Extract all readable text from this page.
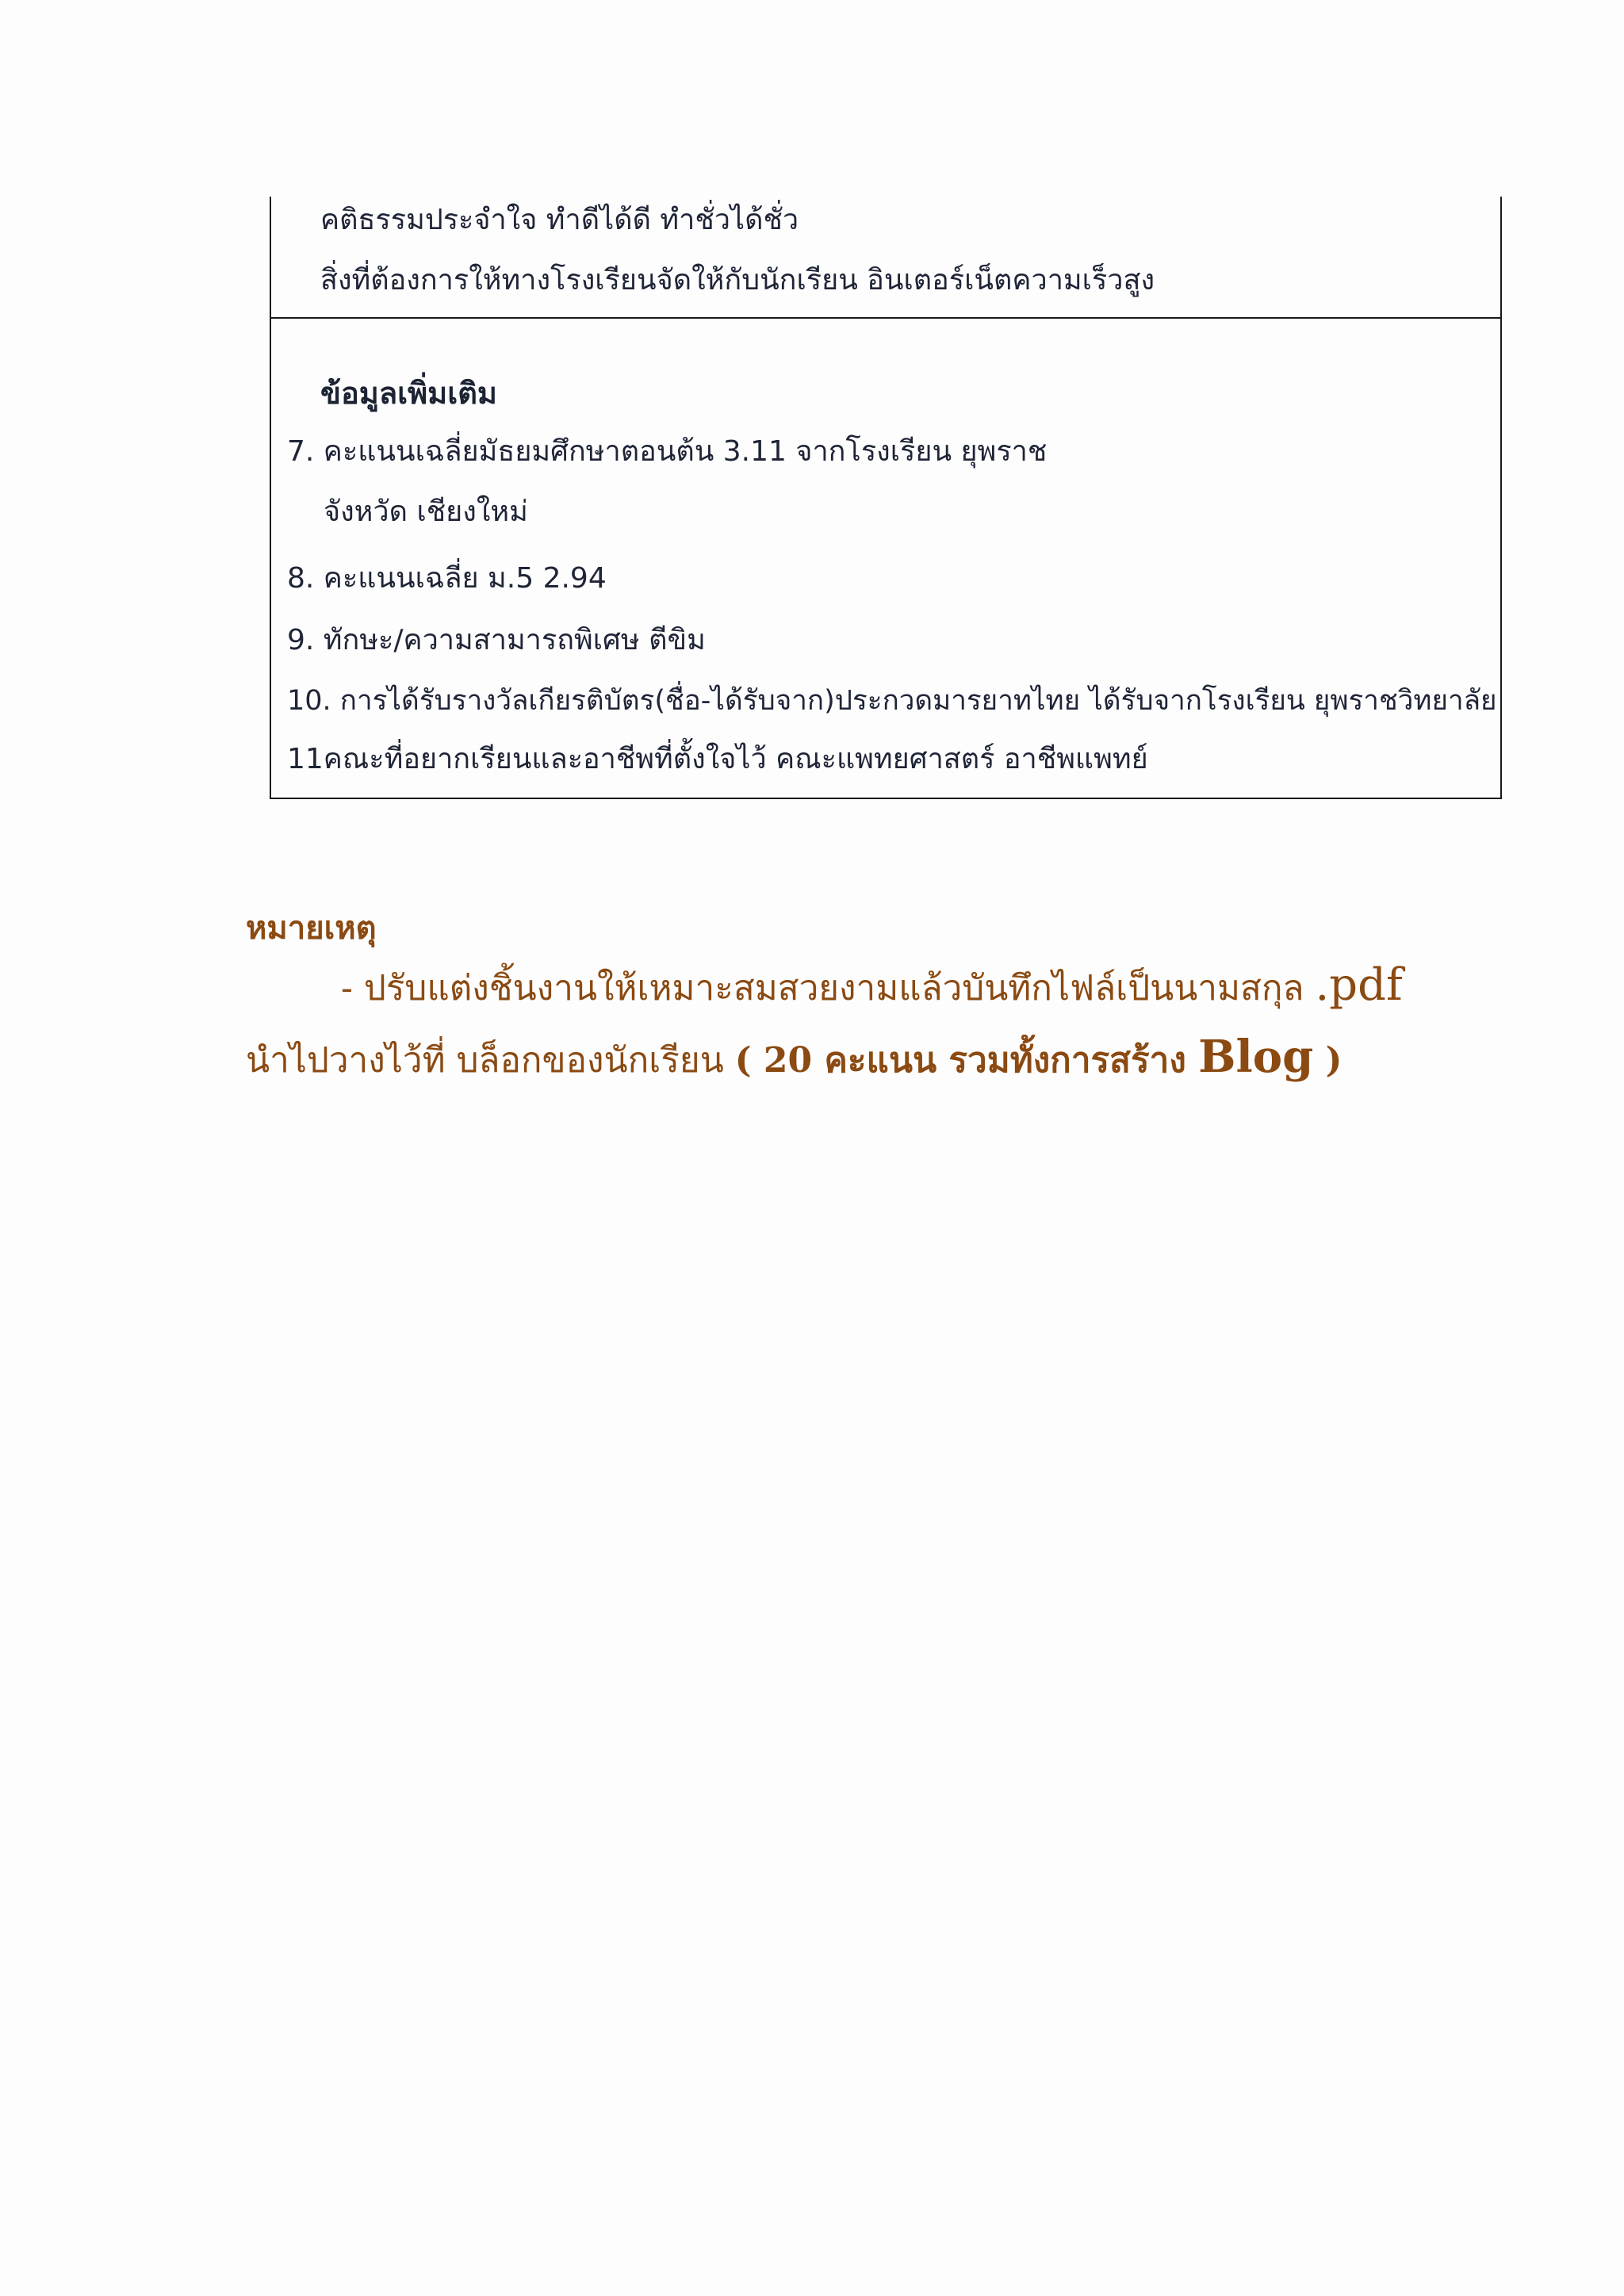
คติธรรมประจำใจ ทำดีได้ดี ทำชั่วได้ชั่ว
สิ่งที่ต้องการให้ทางโรงเรียนจัดให้กับนักเรียน อินเตอร์เน็ตความเร็วสูง
ข้อมูลเพิ่มเติม
7. คะแนนเฉลี่ยมัธยมศึกษาตอนต้น 3.11 จากโรงเรียน ยุพราช
จังหวัด เชียงใหม่
8. คะแนนเฉลี่ย ม.5 2.94
9. ทักษะ/ความสามารถพิเศษ ตีขิม
10. การได้รับรางวัลเกียรติบัตร(ชื่อ-ได้รับจาก)ประกวดมารยาทไทย ได้รับจากโรงเรียน ยุพราชวิทยาลัย
11คณะที่อยากเรียนและอาชีพที่ตั้งใจไว้ คณะแพทยศาสตร์ อาชีพแพทย์
หมายเหตุ
- ปรับแต่งชิ้นงานให้เหมาะสมสวยงามแล้วบันทึกไฟล์เป็นนามสกุล .pdf
นำไปวางไว้ที่ บล็อกของนักเรียน ( 20 คะแนน รวมทั้งการสร้าง Blog )
